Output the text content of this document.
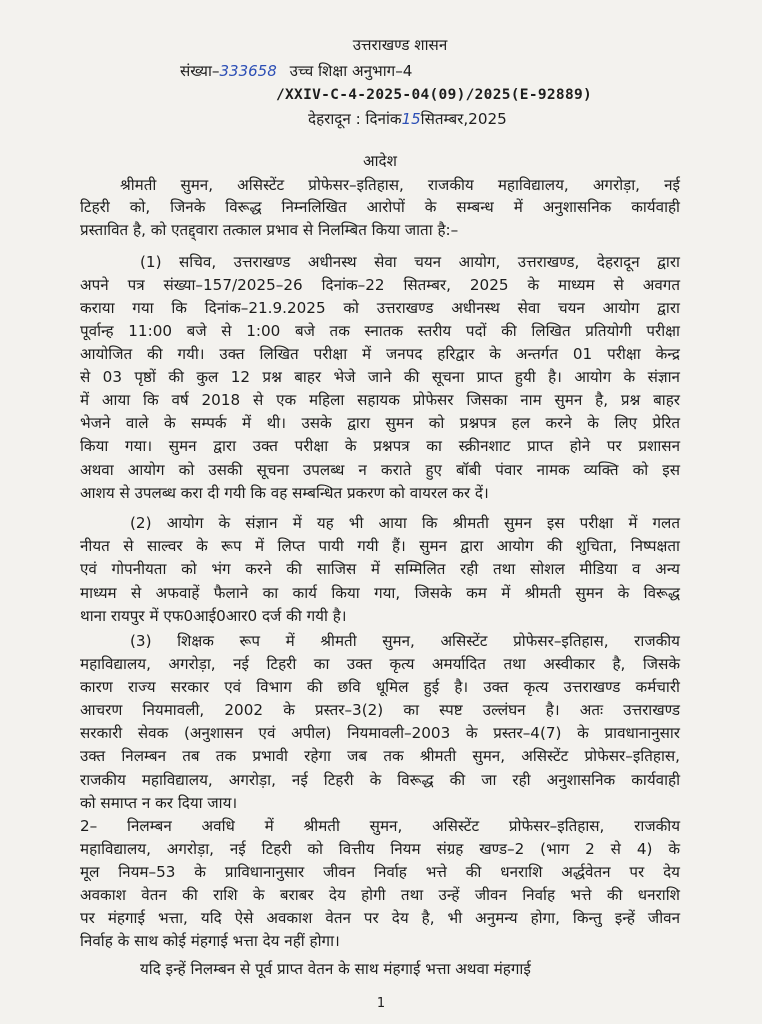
उत्तराखण्ड शासन
संख्या–333658 उच्च शिक्षा अनुभाग–4
/XXIV-C-4-2025-04(09)/2025(E-92889)
देहरादून : दिनांक15सितम्बर,2025
आदेश
श्रीमती सुमन, असिस्टेंट प्रोफेसर–इतिहास, राजकीय महाविद्यालय, अगरोड़ा, नई
टिहरी को, जिनके विरूद्ध निम्नलिखित आरोपों के सम्बन्ध में अनुशासनिक कार्यवाही
प्रस्तावित है, को एतद्द्वारा तत्काल प्रभाव से निलम्बित किया जाता है:–
(1) सचिव, उत्तराखण्ड अधीनस्थ सेवा चयन आयोग, उत्तराखण्ड, देहरादून द्वारा
अपने पत्र संख्या–157/2025–26 दिनांक–22 सितम्बर, 2025 के माध्यम से अवगत
कराया गया कि दिनांक–21.9.2025 को उत्तराखण्ड अधीनस्थ सेवा चयन आयोग द्वारा
पूर्वान्ह 11:00 बजे से 1:00 बजे तक स्नातक स्तरीय पदों की लिखित प्रतियोगी परीक्षा
आयोजित की गयी। उक्त लिखित परीक्षा में जनपद हरिद्वार के अन्तर्गत 01 परीक्षा केन्द्र
से 03 पृष्ठों की कुल 12 प्रश्न बाहर भेजे जाने की सूचना प्राप्त हुयी है। आयोग के संज्ञान
में आया कि वर्ष 2018 से एक महिला सहायक प्रोफेसर जिसका नाम सुमन है, प्रश्न बाहर
भेजने वाले के सम्पर्क में थी। उसके द्वारा सुमन को प्रश्नपत्र हल करने के लिए प्रेरित
किया गया। सुमन द्वारा उक्त परीक्षा के प्रश्नपत्र का स्क्रीनशाट प्राप्त होने पर प्रशासन
अथवा आयोग को उसकी सूचना उपलब्ध न कराते हुए बॉबी पंवार नामक व्यक्ति को इस
आशय से उपलब्ध करा दी गयी कि वह सम्बन्धित प्रकरण को वायरल कर दें।
(2) आयोग के संज्ञान में यह भी आया कि श्रीमती सुमन इस परीक्षा में गलत
नीयत से साल्वर के रूप में लिप्त पायी गयी हैं। सुमन द्वारा आयोग की शुचिता, निष्पक्षता
एवं गोपनीयता को भंग करने की साजिस में सम्मिलित रही तथा सोशल मीडिया व अन्य
माध्यम से अफवाहें फैलाने का कार्य किया गया, जिसके कम में श्रीमती सुमन के विरूद्ध
थाना रायपुर में एफ0आई0आर0 दर्ज की गयी है।
(3) शिक्षक रूप में श्रीमती सुमन, असिस्टेंट प्रोफेसर–इतिहास, राजकीय
महाविद्यालय, अगरोड़ा, नई टिहरी का उक्त कृत्य अमर्यादित तथा अस्वीकार है, जिसके
कारण राज्य सरकार एवं विभाग की छवि धूमिल हुई है। उक्त कृत्य उत्तराखण्ड कर्मचारी
आचरण नियमावली, 2002 के प्रस्तर–3(2) का स्पष्ट उल्लंघन है। अतः उत्तराखण्ड
सरकारी सेवक (अनुशासन एवं अपील) नियमावली–2003 के प्रस्तर–4(7) के प्रावधानानुसार
उक्त निलम्बन तब तक प्रभावी रहेगा जब तक श्रीमती सुमन, असिस्टेंट प्रोफेसर–इतिहास,
राजकीय महाविद्यालय, अगरोड़ा, नई टिहरी के विरूद्ध की जा रही अनुशासनिक कार्यवाही
को समाप्त न कर दिया जाय।
2– निलम्बन अवधि में श्रीमती सुमन, असिस्टेंट प्रोफेसर–इतिहास, राजकीय
महाविद्यालय, अगरोड़ा, नई टिहरी को वित्तीय नियम संग्रह खण्ड–2 (भाग 2 से 4) के
मूल नियम–53 के प्राविधानानुसार जीवन निर्वाह भत्ते की धनराशि अर्द्धवेतन पर देय
अवकाश वेतन की राशि के बराबर देय होगी तथा उन्हें जीवन निर्वाह भत्ते की धनराशि
पर मंहगाई भत्ता, यदि ऐसे अवकाश वेतन पर देय है, भी अनुमन्य होगा, किन्तु इन्हें जीवन
निर्वाह के साथ कोई मंहगाई भत्ता देय नहीं होगा।
यदि इन्हें निलम्बन से पूर्व प्राप्त वेतन के साथ मंहगाई भत्ता अथवा मंहगाई
1
